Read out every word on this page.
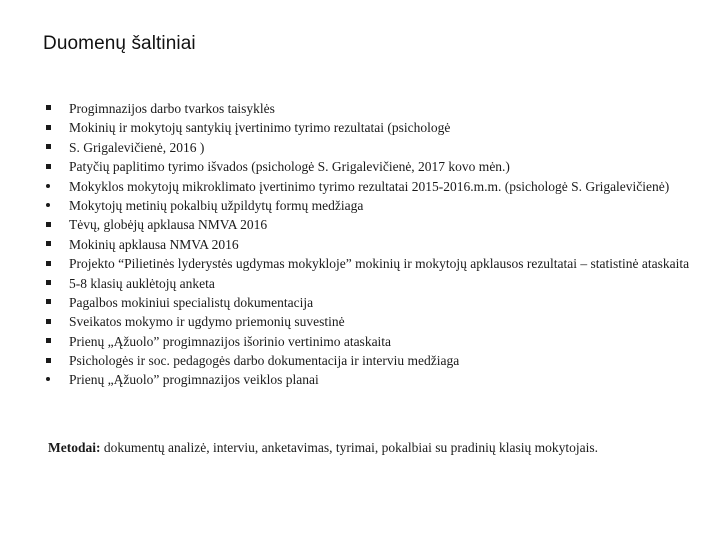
Duomenų šaltiniai
Progimnazijos darbo tvarkos taisyklės
Mokinių ir mokytojų santykių įvertinimo tyrimo rezultatai (psichologė
S. Grigalevičienė, 2016 )
Patyčių paplitimo tyrimo išvados (psichologė S. Grigalevičienė, 2017 kovo mėn.)
Mokyklos mokytojų mikroklimato įvertinimo tyrimo rezultatai 2015-2016.m.m. (psichologė S. Grigalevičienė)
Mokytojų metinių pokalbių užpildytų formų medžiaga
Tėvų, globėjų apklausa NMVA 2016
Mokinių apklausa NMVA 2016
Projekto “Pilietinės lyderystės ugdymas mokykloje” mokinių ir mokytojų apklausos rezultatai – statistinė ataskaita
5-8 klasių auklėtojų anketa
Pagalbos mokiniui specialistų dokumentacija
Sveikatos mokymo ir ugdymo priemonių suvestinė
Prienų „Ąžuolo” progimnazijos išorinio vertinimo ataskaita
Psichologės ir soc. pedagogės darbo dokumentacija ir interviu medžiaga
Prienų „Ąžuolo” progimnazijos veiklos planai

Metodai: dokumentų analizė, interviu, anketavimas, tyrimai, pokalbiai su pradinių klasių mokytojais.
